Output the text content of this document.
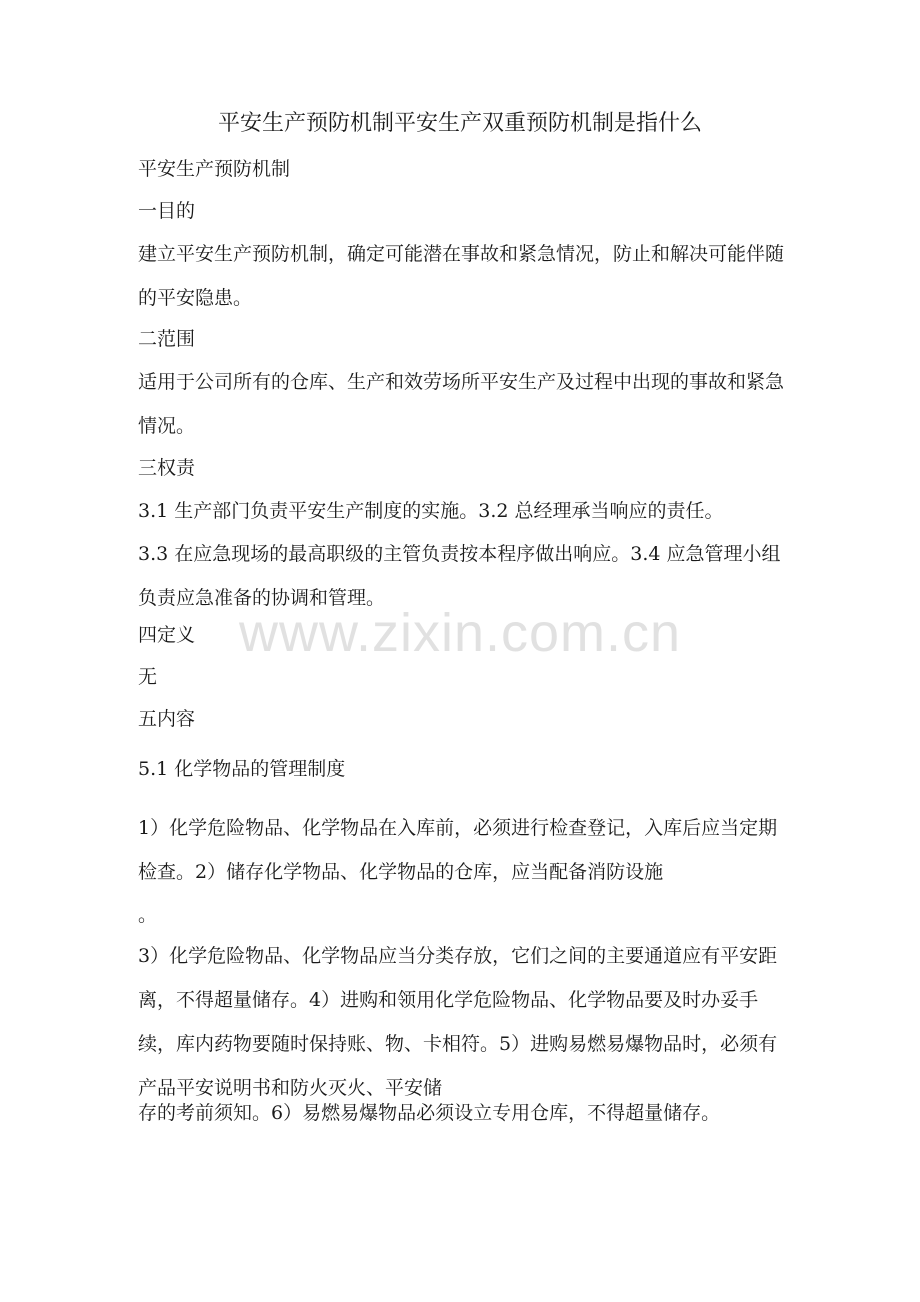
平安生产预防机制平安生产双重预防机制是指什么
平安生产预防机制
一目的
建立平安生产预防机制，确定可能潜在事故和紧急情况，防止和解决可能伴随的平安隐患。
二范围
适用于公司所有的仓库、生产和效劳场所平安生产及过程中出现的事故和紧急情况。
三权责
3.1 生产部门负责平安生产制度的实施。3.2 总经理承当响应的责任。
3.3 在应急现场的最高职级的主管负责按本程序做出响应。3.4 应急管理小组负责应急准备的协调和管理。
四定义
无
五内容
5.1 化学物品的管理制度
1）化学危险物品、化学物品在入库前，必须进行检查登记，入库后应当定期检查。2）储存化学物品、化学物品的仓库，应当配备消防设施
。
3）化学危险物品、化学物品应当分类存放，它们之间的主要通道应有平安距离，不得超量储存。4）进购和领用化学危险物品、化学物品要及时办妥手续，库内药物要随时保持账、物、卡相符。5）进购易燃易爆物品时，必须有产品平安说明书和防火灭火、平安储
存的考前须知。6）易燃易爆物品必须设立专用仓库，不得超量储存。
www.zixin.com.cn
